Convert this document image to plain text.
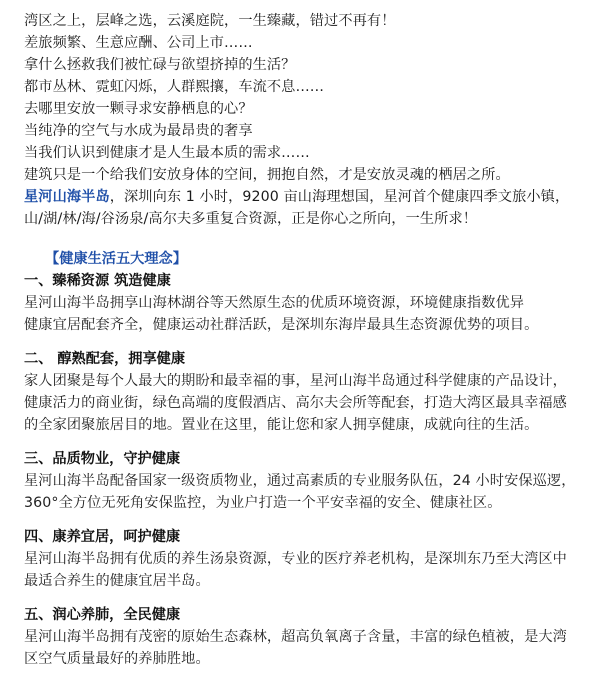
湾区之上，层峰之选，云溪庭院，一生臻藏，错过不再有！
差旅频繁、生意应酬、公司上市……
拿什么拯救我们被忙碌与欲望挤掉的生活？
都市丛林、霓虹闪烁，人群熙攘，车流不息……
去哪里安放一颗寻求安静栖息的心？
当纯净的空气与水成为最昂贵的奢享
当我们认识到健康才是人生最本质的需求……
建筑只是一个给我们安放身体的空间，拥抱自然，才是安放灵魂的栖居之所。
星河山海半岛，深圳向东 1 小时，9200 亩山海理想国，星河首个健康四季文旅小镇，
山/湖/林/海/谷汤泉/高尔夫多重复合资源，正是你心之所向，一生所求！
【健康生活五大理念】
一、臻稀资源 筑造健康
星河山海半岛拥享山海林湖谷等天然原生态的优质环境资源，环境健康指数优异
健康宜居配套齐全，健康运动社群活跃，是深圳东海岸最具生态资源优势的项目。
二、 醇熟配套，拥享健康
家人团聚是每个人最大的期盼和最幸福的事，星河山海半岛通过科学健康的产品设计，
健康活力的商业街，绿色高端的度假酒店、高尔夫会所等配套，打造大湾区最具幸福感
的全家团聚旅居目的地。置业在这里，能让您和家人拥享健康，成就向往的生活。
三、品质物业，守护健康
星河山海半岛配备国家一级资质物业，通过高素质的专业服务队伍，24 小时安保巡逻，
360°全方位无死角安保监控，为业户打造一个平安幸福的安全、健康社区。
四、康养宜居，呵护健康
星河山海半岛拥有优质的养生汤泉资源，专业的医疗养老机构，是深圳东乃至大湾区中
最适合养生的健康宜居半岛。
五、润心养肺，全民健康
星河山海半岛拥有茂密的原始生态森林，超高负氧离子含量，丰富的绿色植被，是大湾
区空气质量最好的养肺胜地。
